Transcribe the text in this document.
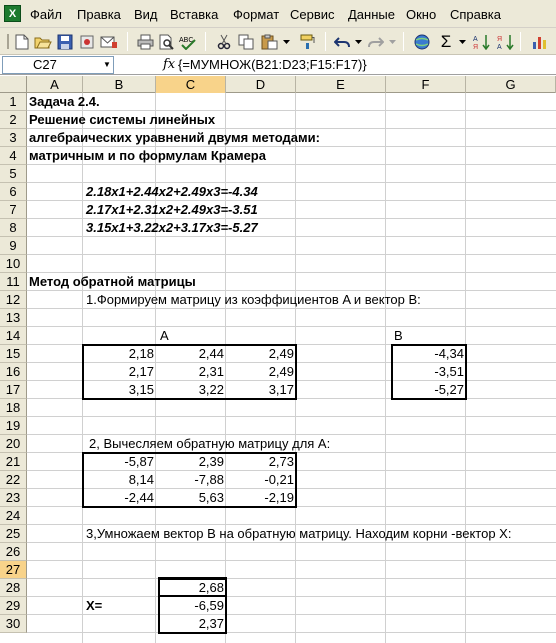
X	Файл Правка Вид Вставка Формат Сервис Данные Окно Справка
ABC	Σ	A
Я
Я
A
C27	▼	fx {=МУМНОЖ(B21:D23;F15:F17)}
A	B	C	D	E	F	G
1
2
3
4
5
6
7
8
9
10
11
12
13
14
15
16
17
18
19
20
21
22
23
24
25
26
27
28
29
30
Задача 2.4.
Решение системы линейных
алгебраических уравнений двумя методами:
матричным и по формулам Крамера
2.18x1+2.44x2+2.49x3=-4.34
2.17x1+2.31x2+2.49x3=-3.51
3.15x1+3.22x2+3.17x3=-5.27
Метод обратной матрицы
1.Формируем матрицу из коэффициентов A и вектор B:
A	B
2,18	2,44	2,49
2,17	2,31	2,49
3,15	3,22	3,17
-4,34
-3,51
-5,27
2, Вычесляем обратную матрицу для A:
-5,87	2,39	2,73
8,14	-7,88	-0,21
-2,44	5,63	-2,19
3,Умножаем вектор B на обратную матрицу. Находим корни -вектор X:
2,68
X=	-6,59
2,37
